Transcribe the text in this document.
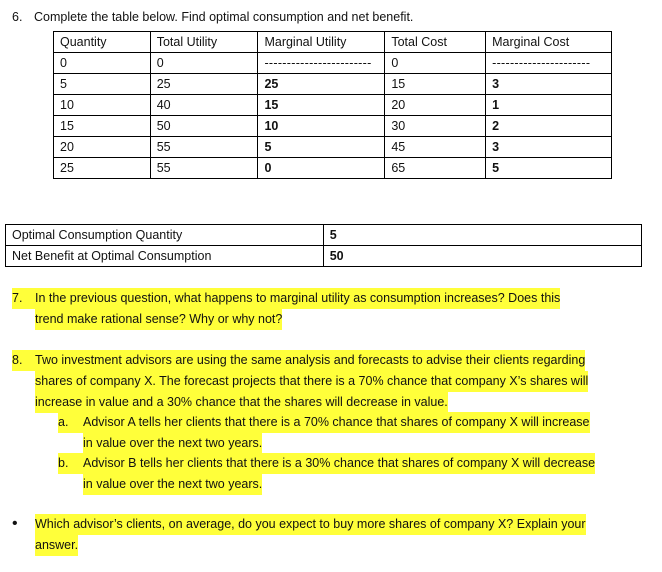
6. Complete the table below. Find optimal consumption and net benefit.
Quantity	Total Utility	Marginal Utility	Total Cost	Marginal Cost
0	0	------------------------	0	----------------------
5	25	25	15	3
10	40	15	20	1
15	50	10	30	2
20	55	5	45	3
25	55	0	65	5
Optimal Consumption Quantity	5
Net Benefit at Optimal Consumption	50
7.	In the previous question, what happens to marginal utility as consumption increases? Does this
trend make rational sense? Why or why not?
8.	Two investment advisors are using the same analysis and forecasts to advise their clients regarding
shares of company X. The forecast projects that there is a 70% chance that company X’s shares will
increase in value and a 30% chance that the shares will decrease in value.
a.	Advisor A tells her clients that there is a 70% chance that shares of company X will increase
in value over the next two years.
b.	Advisor B tells her clients that there is a 30% chance that shares of company X will decrease
in value over the next two years.
•	Which advisor’s clients, on average, do you expect to buy more shares of company X? Explain your
answer.
